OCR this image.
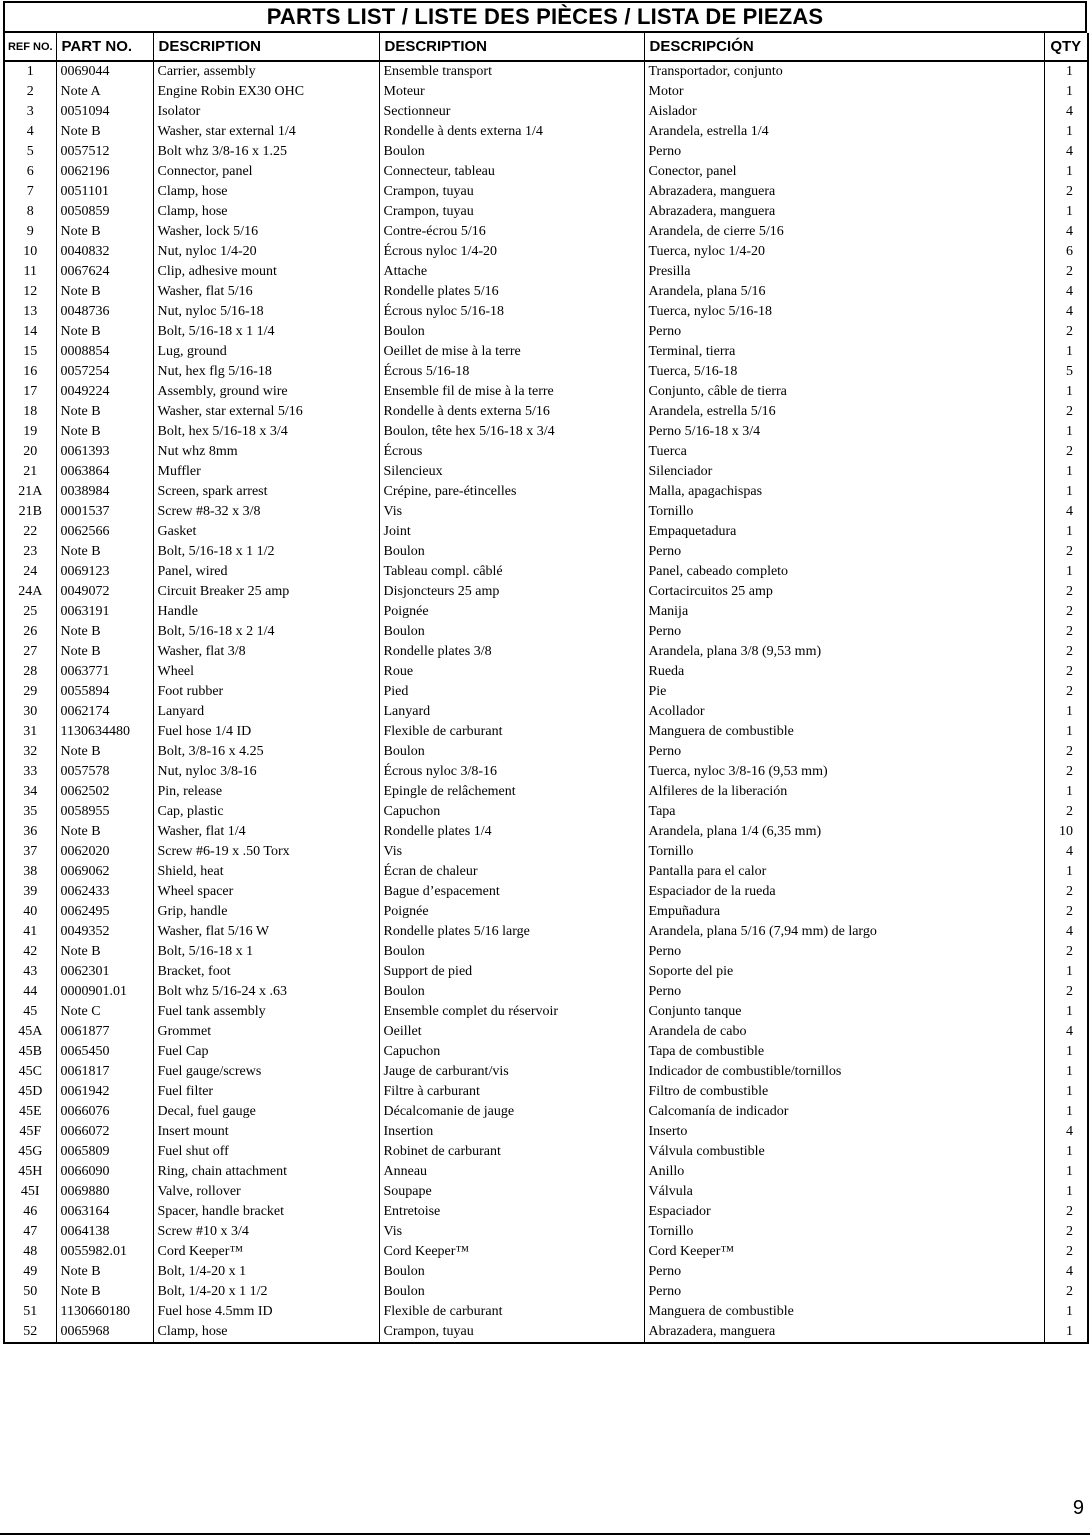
PARTS LIST / LISTE DES PIÈCES / LISTA DE PIEZAS
REF NO.	PART NO.	DESCRIPTION	DESCRIPTION	DESCRIPCIÓN	QTY
1	0069044	Carrier, assembly	Ensemble transport	Transportador, conjunto	1
2	Note A	Engine Robin EX30 OHC	Moteur	Motor	1
3	0051094	Isolator	Sectionneur	Aislador	4
4	Note B	Washer, star external 1/4	Rondelle à dents externa 1/4	Arandela, estrella 1/4	1
5	0057512	Bolt whz 3/8-16 x 1.25	Boulon	Perno	4
6	0062196	Connector, panel	Connecteur, tableau	Conector, panel	1
7	0051101	Clamp, hose	Crampon, tuyau	Abrazadera, manguera	2
8	0050859	Clamp, hose	Crampon, tuyau	Abrazadera, manguera	1
9	Note B	Washer, lock 5/16	Contre-écrou 5/16	Arandela, de cierre 5/16	4
10	0040832	Nut, nyloc 1/4-20	Écrous nyloc 1/4-20	Tuerca, nyloc 1/4-20	6
11	0067624	Clip, adhesive mount	Attache	Presilla	2
12	Note B	Washer, flat 5/16	Rondelle plates 5/16	Arandela, plana 5/16	4
13	0048736	Nut, nyloc 5/16-18	Écrous nyloc 5/16-18	Tuerca, nyloc 5/16-18	4
14	Note B	Bolt, 5/16-18 x 1 1/4	Boulon	Perno	2
15	0008854	Lug, ground	Oeillet de mise à la terre	Terminal, tierra	1
16	0057254	Nut, hex flg 5/16-18	Écrous 5/16-18	Tuerca, 5/16-18	5
17	0049224	Assembly, ground wire	Ensemble fil de mise à la terre	Conjunto, câble de tierra	1
18	Note B	Washer, star external 5/16	Rondelle à dents externa 5/16	Arandela, estrella 5/16	2
19	Note B	Bolt, hex 5/16-18 x 3/4	Boulon, tête hex 5/16-18 x 3/4	Perno 5/16-18 x 3/4	1
20	0061393	Nut whz 8mm	Écrous	Tuerca	2
21	0063864	Muffler	Silencieux	Silenciador	1
21A	0038984	Screen, spark arrest	Crépine, pare-étincelles	Malla, apagachispas	1
21B	0001537	Screw #8-32 x 3/8	Vis	Tornillo	4
22	0062566	Gasket	Joint	Empaquetadura	1
23	Note B	Bolt, 5/16-18 x 1 1/2	Boulon	Perno	2
24	0069123	Panel, wired	Tableau compl. câblé	Panel, cabeado completo	1
24A	0049072	Circuit Breaker 25 amp	Disjoncteurs 25 amp	Cortacircuitos 25 amp	2
25	0063191	Handle	Poignée	Manija	2
26	Note B	Bolt, 5/16-18 x 2 1/4	Boulon	Perno	2
27	Note B	Washer, flat 3/8	Rondelle plates 3/8	Arandela, plana 3/8 (9,53 mm)	2
28	0063771	Wheel	Roue	Rueda	2
29	0055894	Foot rubber	Pied	Pie	2
30	0062174	Lanyard	Lanyard	Acollador	1
31	1130634480	Fuel hose 1/4 ID	Flexible de carburant	Manguera de combustible	1
32	Note B	Bolt, 3/8-16 x 4.25	Boulon	Perno	2
33	0057578	Nut, nyloc 3/8-16	Écrous nyloc 3/8-16	Tuerca, nyloc 3/8-16 (9,53 mm)	2
34	0062502	Pin, release	Epingle de relâchement	Alfileres de la liberación	1
35	0058955	Cap, plastic	Capuchon	Tapa	2
36	Note B	Washer, flat 1/4	Rondelle plates 1/4	Arandela, plana 1/4 (6,35 mm)	10
37	0062020	Screw #6-19 x .50 Torx	Vis	Tornillo	4
38	0069062	Shield, heat	Écran de chaleur	Pantalla para el calor	1
39	0062433	Wheel spacer	Bague d’espacement	Espaciador de la rueda	2
40	0062495	Grip, handle	Poignée	Empuñadura	2
41	0049352	Washer, flat 5/16 W	Rondelle plates 5/16 large	Arandela, plana 5/16 (7,94 mm) de largo	4
42	Note B	Bolt, 5/16-18 x 1	Boulon	Perno	2
43	0062301	Bracket, foot	Support de pied	Soporte del pie	1
44	0000901.01	Bolt whz 5/16-24 x .63	Boulon	Perno	2
45	Note C	Fuel tank assembly	Ensemble complet du réservoir	Conjunto tanque	1
45A	0061877	Grommet	Oeillet	Arandela de cabo	4
45B	0065450	Fuel Cap	Capuchon	Tapa de combustible	1
45C	0061817	Fuel gauge/screws	Jauge de carburant/vis	Indicador de combustible/tornillos	1
45D	0061942	Fuel filter	Filtre à carburant	Filtro de combustible	1
45E	0066076	Decal, fuel gauge	Décalcomanie de jauge	Calcomanía de indicador	1
45F	0066072	Insert mount	Insertion	Inserto	4
45G	0065809	Fuel shut off	Robinet de carburant	Válvula combustible	1
45H	0066090	Ring, chain attachment	Anneau	Anillo	1
45I	0069880	Valve, rollover	Soupape	Válvula	1
46	0063164	Spacer, handle bracket	Entretoise	Espaciador	2
47	0064138	Screw #10 x 3/4	Vis	Tornillo	2
48	0055982.01	Cord Keeper™	Cord Keeper™	Cord Keeper™	2
49	Note B	Bolt, 1/4-20 x 1	Boulon	Perno	4
50	Note B	Bolt, 1/4-20 x 1 1/2	Boulon	Perno	2
51	1130660180	Fuel hose 4.5mm ID	Flexible de carburant	Manguera de combustible	1
52	0065968	Clamp, hose	Crampon, tuyau	Abrazadera, manguera	1
9
